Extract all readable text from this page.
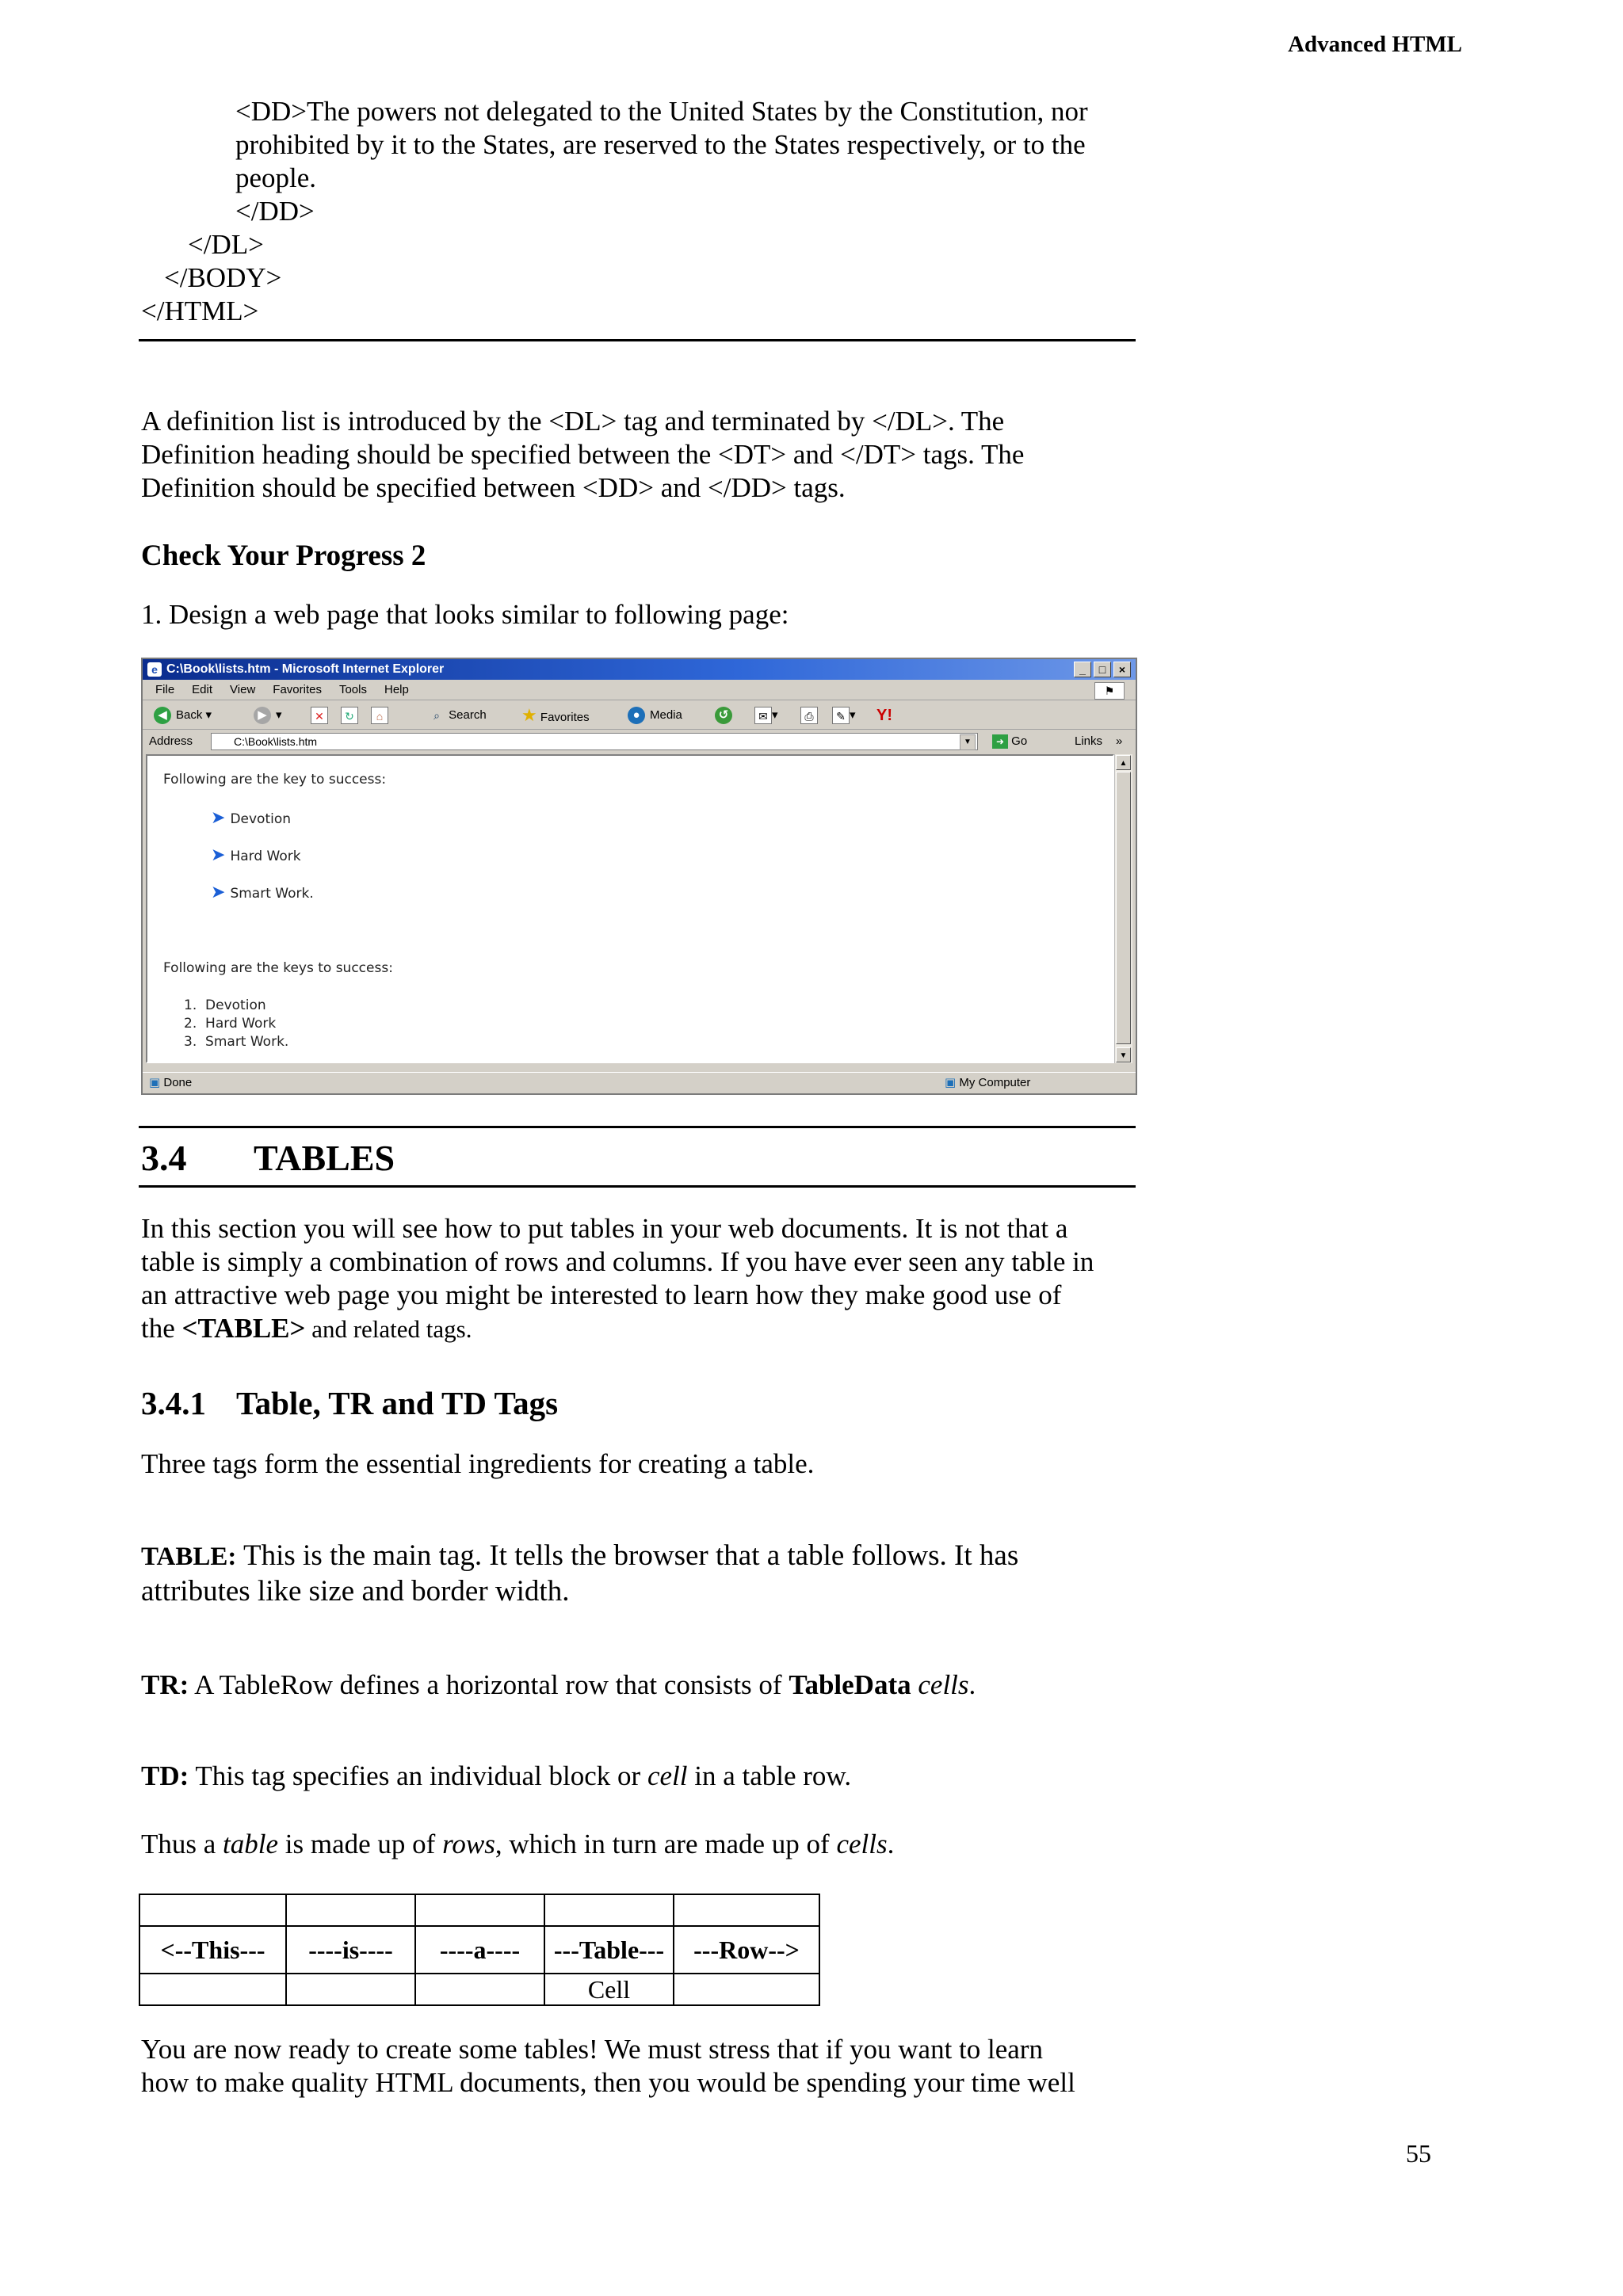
Advanced HTML
<DD>The powers not delegated to the United States by the Constitution, nor
prohibited by it to the States, are reserved to the States respectively, or to the
people.
</DD>
</DL>
</BODY>
</HTML>
A definition list is introduced by the <DL> tag and terminated by </DL>. The
Definition heading should be specified between the <DT> and </DT> tags. The
Definition should be specified between <DD> and </DD> tags.
Check Your Progress 2
1. Design a web page that looks similar to following page:
e C:\Book\lists.htm - Microsoft Internet Explorer	_	□	×
File Edit View Favorites Tools Help	⚑
◀ Back ▾	▶ ▾	✕	↻	⌂	⌕ Search ★ Favorites	● Media	↺	✉ ▾	⎙	✎ ▾ Y!
Address	C:\Book\lists.htm	▼	➜ Go	Links »
Following are the key to success:
➤ Devotion
➤ Hard Work
➤ Smart Work.
Following are the keys to success:
1. Devotion
2. Hard Work
3. Smart Work.
▲
▼
▣ Done	▣ My Computer
3.4 TABLES
In this section you will see how to put tables in your web documents. It is not that a
table is simply a combination of rows and columns. If you have ever seen any table in
an attractive web page you might be interested to learn how they make good use of
the <TABLE> and related tags.
3.4.1 Table, TR and TD Tags
Three tags form the essential ingredients for creating a table.
TABLE: This is the main tag. It tells the browser that a table follows. It has
attributes like size and border width.
TR: A TableRow defines a horizontal row that consists of TableData cells.
TD: This tag specifies an individual block or cell in a table row.
Thus a table is made up of rows, which in turn are made up of cells.

<--This---	----is----	----a----	---Table---	---Row-->
			Cell	
You are now ready to create some tables! We must stress that if you want to learn
how to make quality HTML documents, then you would be spending your time well
55
